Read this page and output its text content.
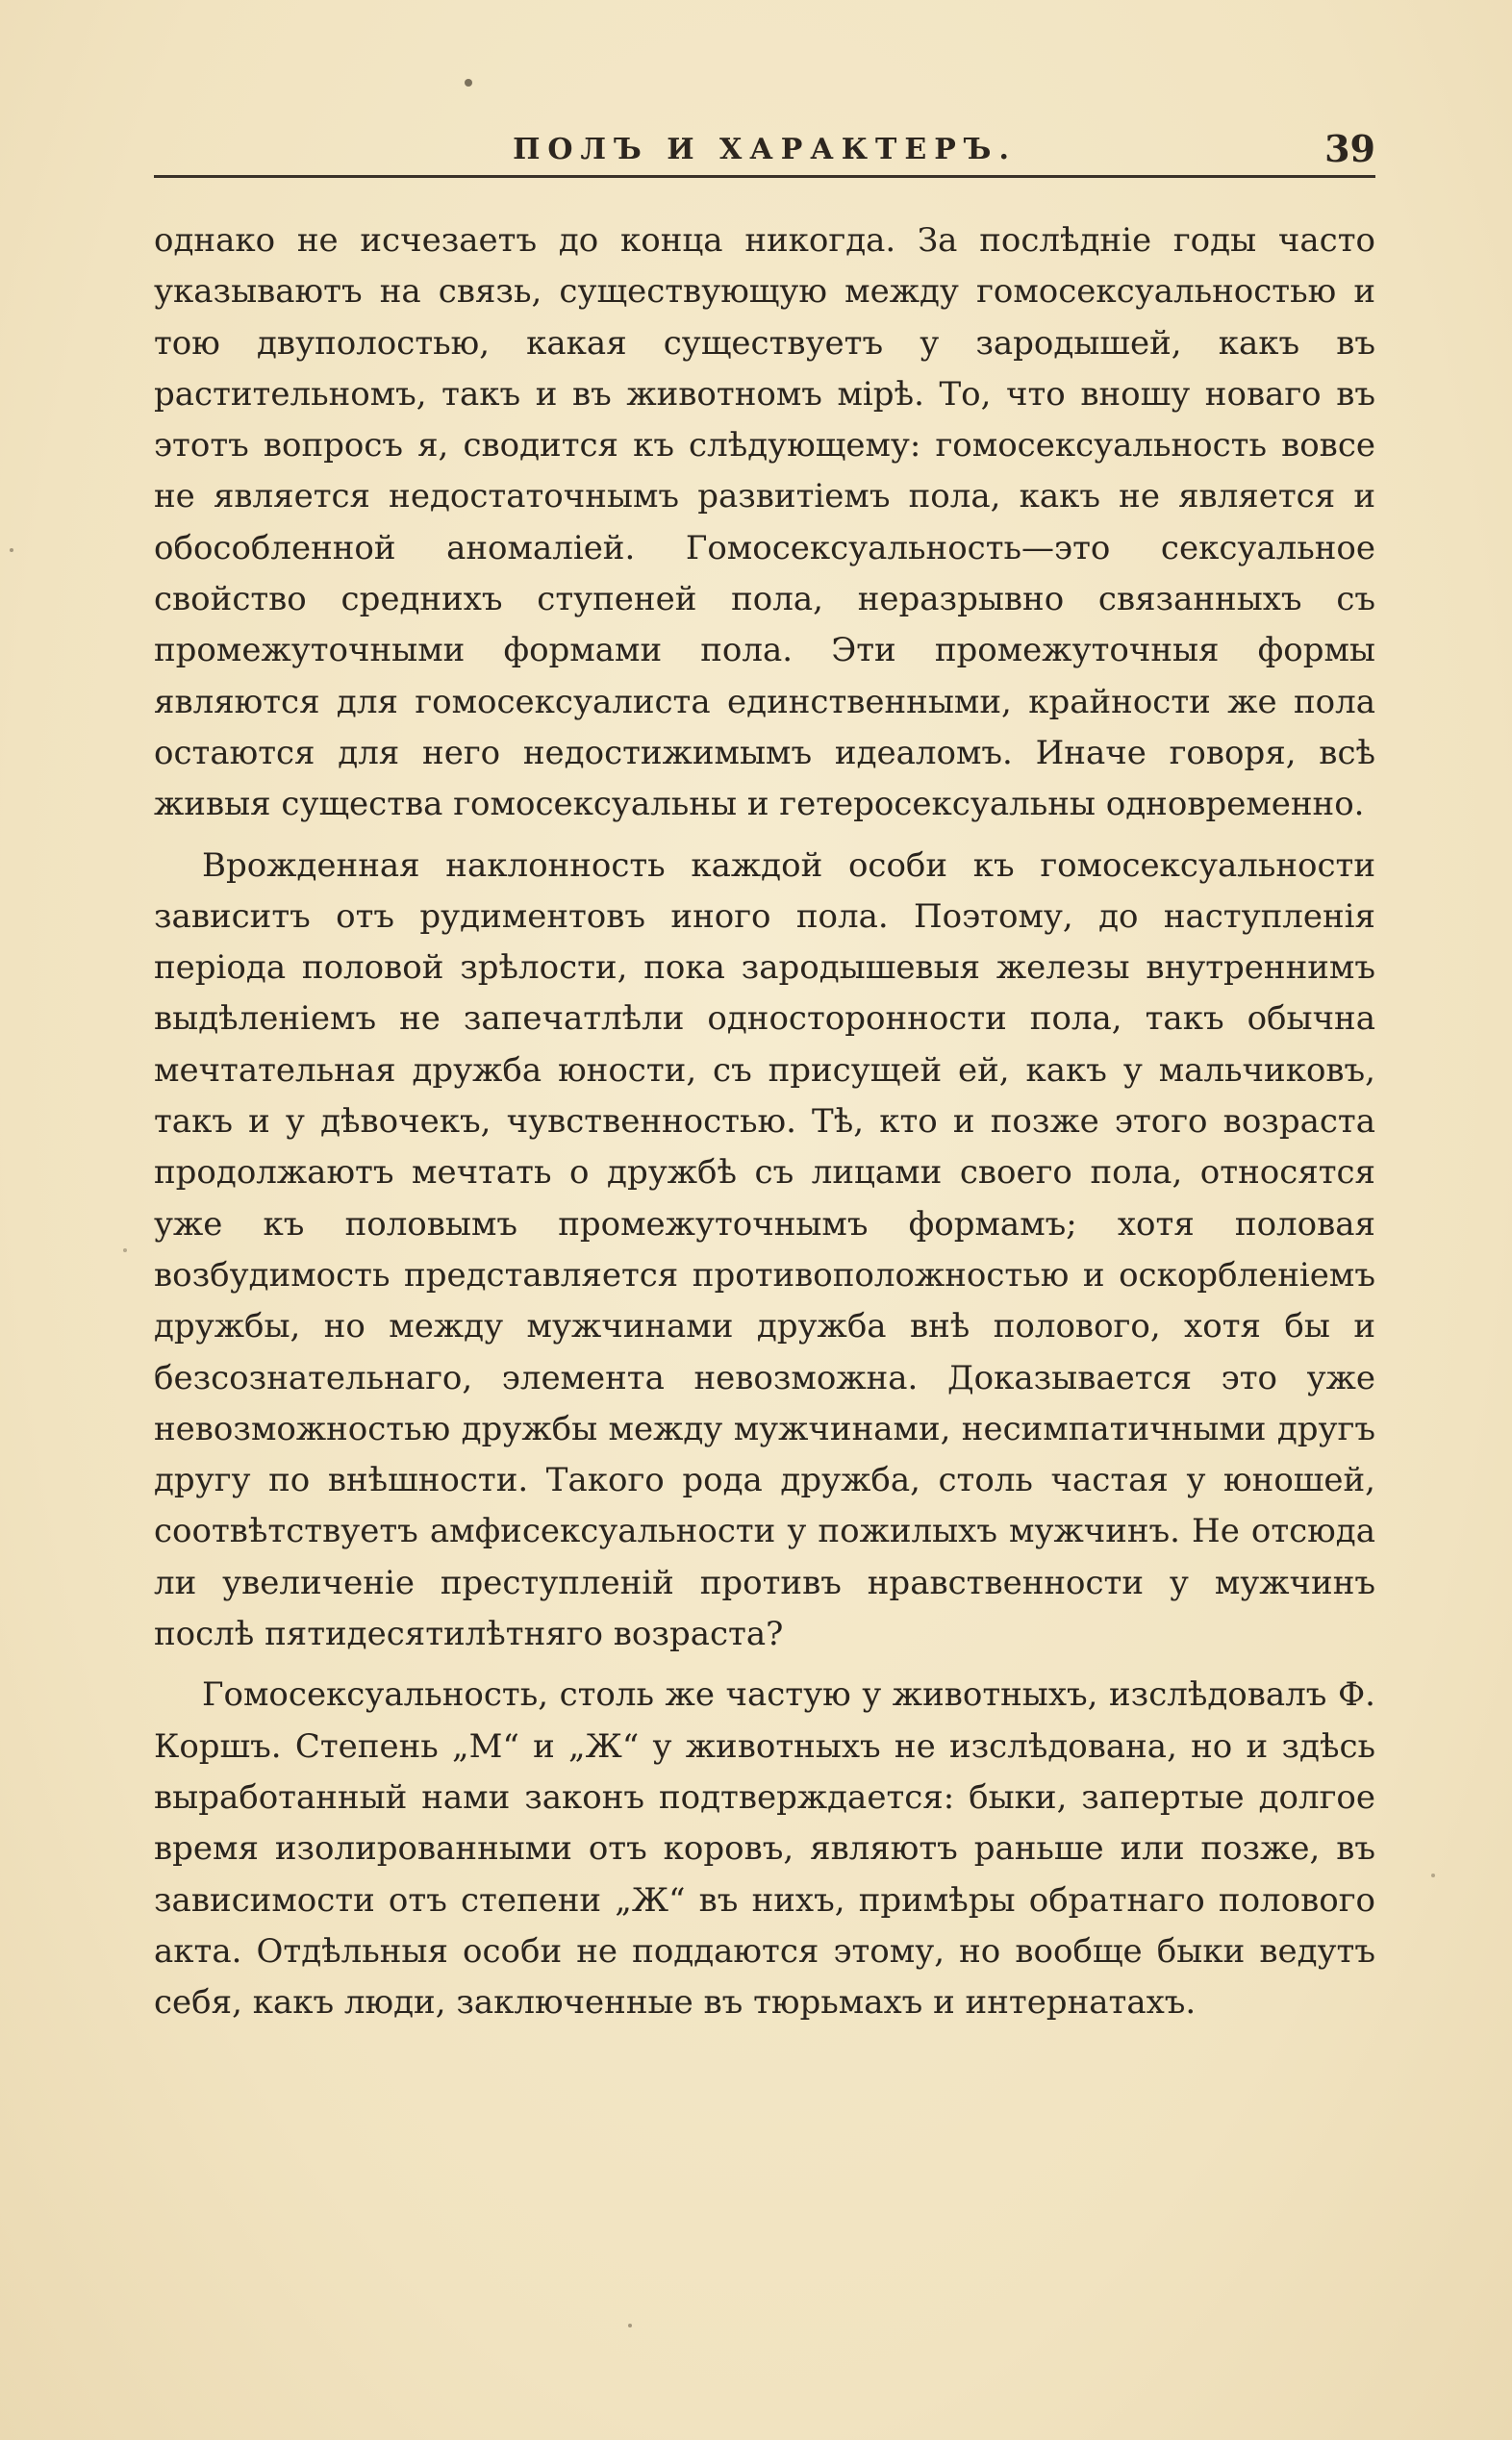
ПОЛЪ И ХАРАКТЕРЪ.	39

однако не исчезаетъ до конца никогда. За послѣдніе годы часто указываютъ на связь, существующую между гомосексуальностью и тою двуполостью, какая существуетъ у зародышей, какъ въ растительномъ, такъ и въ животномъ мірѣ. То, что вношу новаго въ этотъ вопросъ я, сводится къ слѣдующему: гомосексуальность вовсе не является недостаточнымъ развитіемъ пола, какъ не является и обособленной аномаліей. Гомосексуальность—это сексуальное свойство среднихъ ступеней пола, неразрывно связанныхъ съ промежуточными формами пола. Эти промежуточныя формы являются для гомосексуалиста единственными, крайности же пола остаются для него недостижимымъ идеаломъ. Иначе говоря, всѣ живыя существа гомосексуальны и гетеросексуальны одновременно.

Врожденная наклонность каждой особи къ гомосексуальности зависитъ отъ рудиментовъ иного пола. Поэтому, до наступленія періода половой зрѣлости, пока зародышевыя железы внутреннимъ выдѣленіемъ не запечатлѣли односторонности пола, такъ обычна мечтательная дружба юности, съ присущей ей, какъ у мальчиковъ, такъ и у дѣвочекъ, чувственностью. Тѣ, кто и позже этого возраста продолжаютъ мечтать о дружбѣ съ лицами своего пола, относятся уже къ половымъ промежуточнымъ формамъ; хотя половая возбудимость представляется противоположностью и оскорбленіемъ дружбы, но между мужчинами дружба внѣ полового, хотя бы и безсознательнаго, элемента невозможна. Доказывается это уже невозможностью дружбы между мужчинами, несимпатичными другъ другу по внѣшности. Такого рода дружба, столь частая у юношей, соотвѣтствуетъ амфисексуальности у пожилыхъ мужчинъ. Не отсюда ли увеличеніе преступленій противъ нравственности у мужчинъ послѣ пятидесятилѣтняго возраста?

Гомосексуальность, столь же частую у животныхъ, изслѣдовалъ Ф. Коршъ. Степень „М“ и „Ж“ у животныхъ не изслѣдована, но и здѣсь выработанный нами законъ подтверждается: быки, запертые долгое время изолированными отъ коровъ, являютъ раньше или позже, въ зависимости отъ степени „Ж“ въ нихъ, примѣры обратнаго полового акта. Отдѣльныя особи не поддаются этому, но вообще быки ведутъ себя, какъ люди, заключенные въ тюрьмахъ и интернатахъ.
